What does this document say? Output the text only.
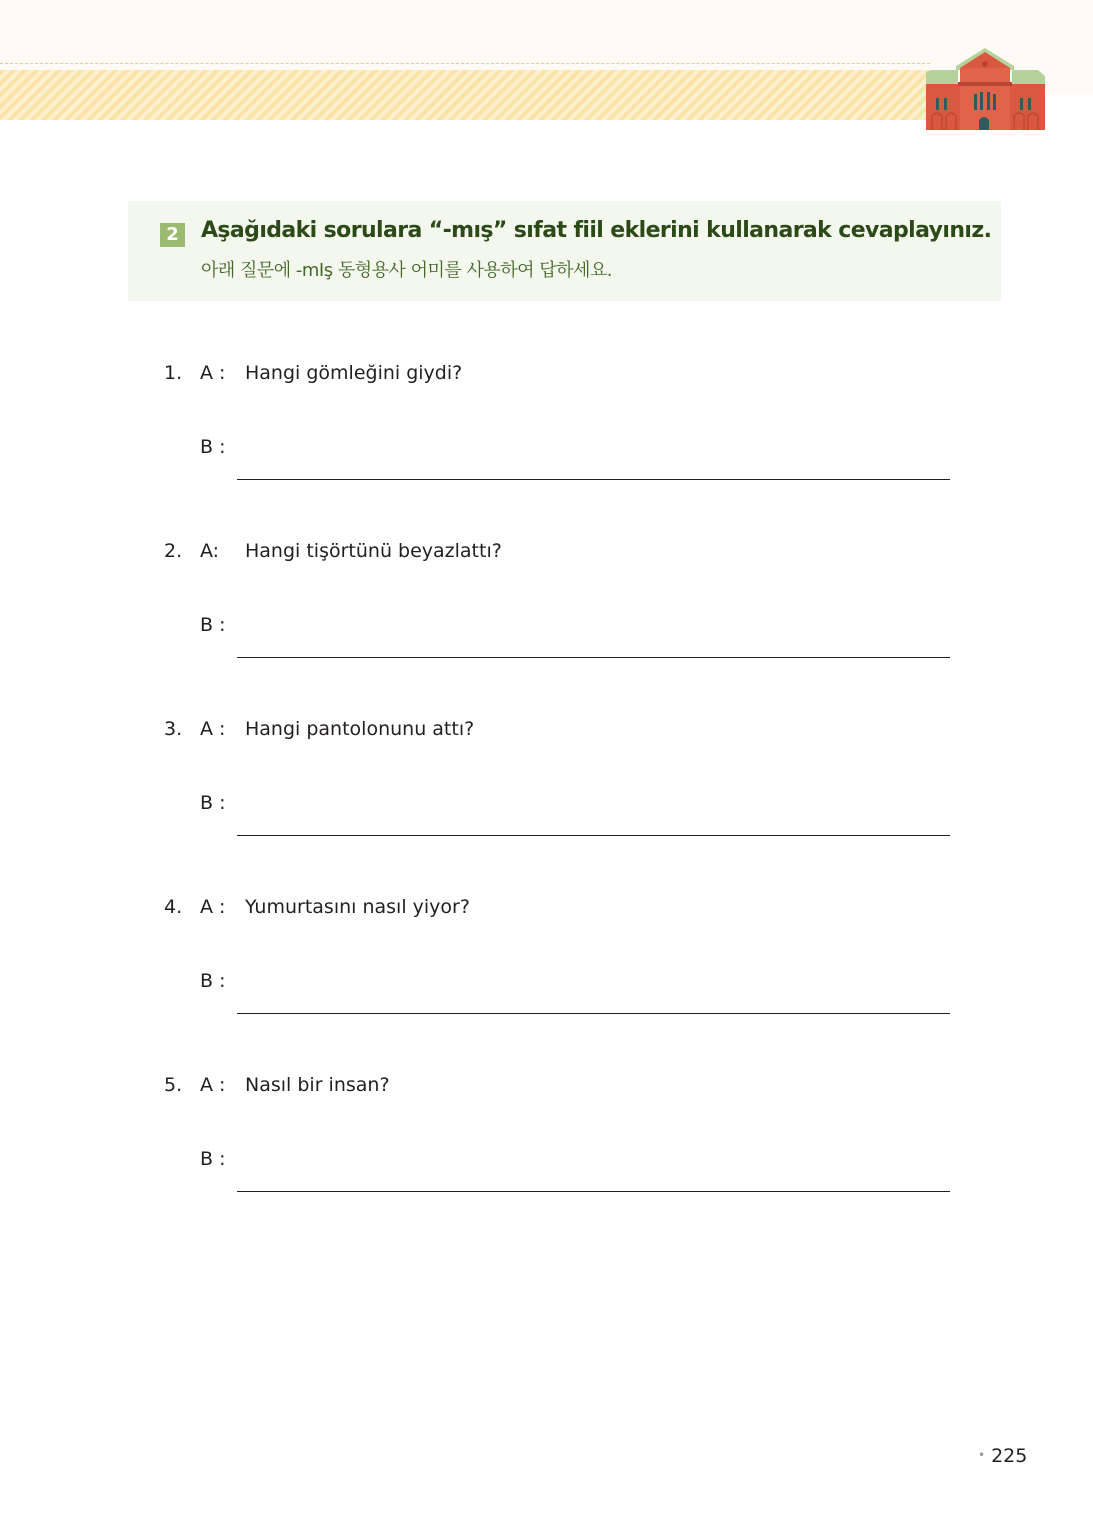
2 Aşağıdaki sorulara “-mış” sıfat fiil eklerini kullanarak cevaplayınız.
아래 질문에 -mIş 동형용사 어미를 사용하여 답하세요.
1. A : Hangi gömleğini giydi?
B :
2. A: Hangi tişörtünü beyazlattı?
B :
3. A : Hangi pantolonunu attı?
B :
4. A : Yumurtasını nasıl yiyor?
B :
5. A : Nasıl bir insan?
B :
• 225
